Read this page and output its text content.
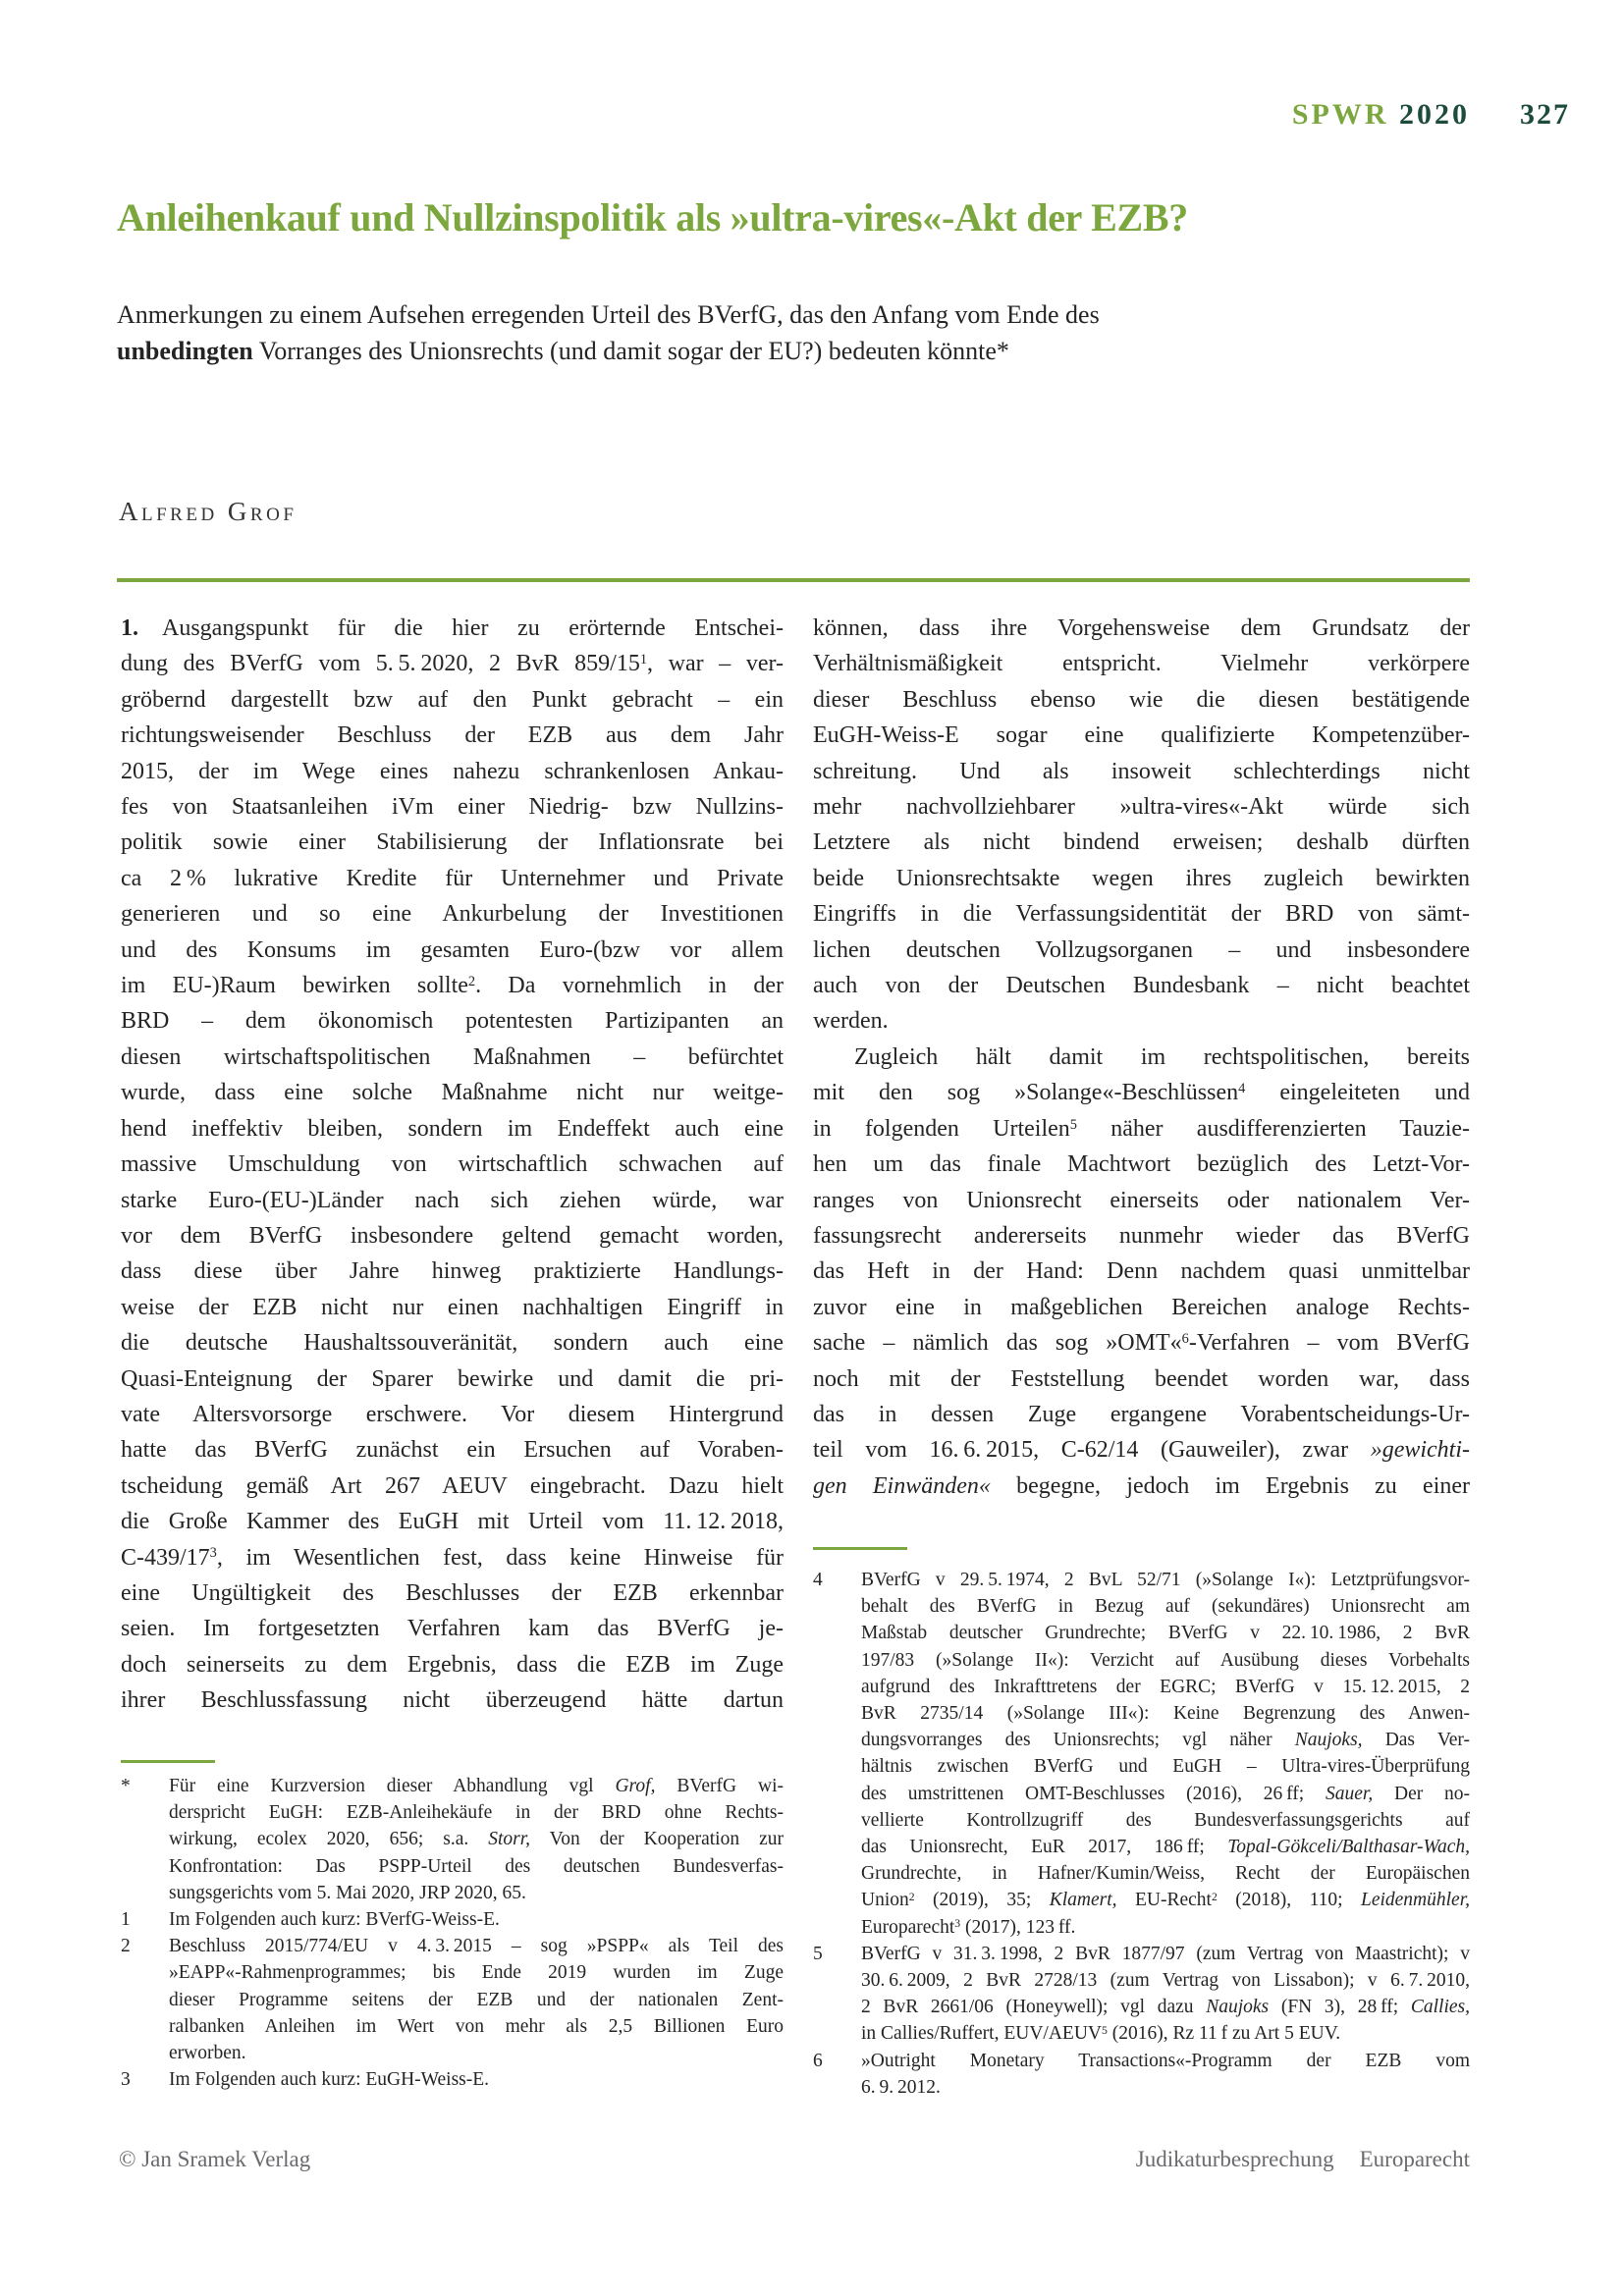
SPWR 2020 327
Anleihenkauf und Nullzinspolitik als »ultra-vires«-Akt der EZB?
Anmerkungen zu einem Aufsehen erregenden Urteil des BVerfG, das den Anfang vom Ende des
unbedingten Vorranges des Unionsrechts (und damit sogar der EU?) bedeuten könnte*
Alfred Grof
1.  Ausgangspunkt für die hier zu erörternde Entschei-
dung des BVerfG vom 5. 5. 2020, 2 BvR $859/15^1$, war – ver-
gröbernd dargestellt bzw auf den Punkt gebracht – ein
richtungsweisender Beschluss der EZB aus dem Jahr
2015, der im Wege eines nahezu schrankenlosen Ankau-
fes von Staatsanleihen iVm einer Niedrig- bzw Nullzins-
politik sowie einer Stabilisierung der Inflationsrate bei
ca 2 % lukrative Kredite für Unternehmer und Private
generieren und so eine Ankurbelung der Investitionen
und des Konsums im gesamten Euro-(bzw vor allem
im EU-)Raum bewirken sollte$^2$. Da vornehmlich in der
BRD – dem ökonomisch potentesten Partizipanten an
diesen wirtschaftspolitischen Maßnahmen – befürchtet
wurde, dass eine solche Maßnahme nicht nur weitge-
hend ineffektiv bleiben, sondern im Endeffekt auch eine
massive Umschuldung von wirtschaftlich schwachen auf
starke Euro-(EU-)Länder nach sich ziehen würde, war
vor dem BVerfG insbesondere geltend gemacht worden,
dass diese über Jahre hinweg praktizierte Handlungs-
weise der EZB nicht nur einen nachhaltigen Eingriff in
die deutsche Haushaltssouveränität, sondern auch eine
Quasi-Enteignung der Sparer bewirke und damit die pri-
vate Altersvorsorge erschwere. Vor diesem Hintergrund
hatte das BVerfG zunächst ein Ersuchen auf Voraben-
tscheidung gemäß Art 267 AEUV eingebracht. Dazu hielt
die Große Kammer des EuGH mit Urteil vom 11. 12. 2018,
$C-439/17^3$, im Wesentlichen fest, dass keine Hinweise für
eine Ungültigkeit des Beschlusses der EZB erkennbar
seien. Im fortgesetzten Verfahren kam das BVerfG je-
doch seinerseits zu dem Ergebnis, dass die EZB im Zuge
ihrer Beschlussfassung nicht überzeugend hätte dartun
können, dass ihre Vorgehensweise dem Grundsatz der
Verhältnismäßigkeit entspricht. Vielmehr verkörpere
dieser Beschluss ebenso wie die diesen bestätigende
EuGH-Weiss-E sogar eine qualifizierte Kompetenzüber-
schreitung. Und als insoweit schlechterdings nicht
mehr nachvollziehbarer »ultra-vires«-Akt würde sich
Letztere als nicht bindend erweisen; deshalb dürften
beide Unionsrechtsakte wegen ihres zugleich bewirkten
Eingriffs in die Verfassungsidentität der BRD von sämt-
lichen deutschen Vollzugsorganen – und insbesondere
auch von der Deutschen Bundesbank – nicht beachtet
werden.
Zugleich hält damit im rechtspolitischen, bereits
mit den sog »Solange«-Beschlüssen$^4$ eingeleiteten und
in folgenden Urteilen$^5$ näher ausdifferenzierten Tauzie-
hen um das finale Machtwort bezüglich des Letzt-Vor-
ranges von Unionsrecht einerseits oder nationalem Ver-
fassungsrecht andererseits nunmehr wieder das BVerfG
das Heft in der Hand: Denn nachdem quasi unmittelbar
zuvor eine in maßgeblichen Bereichen analoge Rechts-
sache – nämlich das sog »OMT«$^6$-Verfahren – vom BVerfG
noch mit der Feststellung beendet worden war, dass
das in dessen Zuge ergangene Vorabentscheidungs-Ur-
teil vom 16. 6. 2015, C-62/14 (Gauweiler), zwar »gewichti-
gen Einwänden« begegne, jedoch im Ergebnis zu einer
* Für eine Kurzversion dieser Abhandlung vgl Grof, BVerfG wi-
derspricht EuGH: EZB-Anleihekäufe in der BRD ohne Rechts-
wirkung, ecolex 2020, 656; s.a. Storr, Von der Kooperation zur
Konfrontation: Das PSPP-Urteil des deutschen Bundesverfas-
sungsgerichts vom 5. Mai 2020, JRP 2020, 65.
1 Im Folgenden auch kurz: BVerfG-Weiss-E.
2 Beschluss 2015/774/EU v 4. 3. 2015 – sog »PSPP« als Teil des
»EAPP«-Rahmenprogrammes; bis Ende 2019 wurden im Zuge
dieser Programme seitens der EZB und der nationalen Zent-
ralbanken Anleihen im Wert von mehr als 2,5 Billionen Euro
erworben.
3 Im Folgenden auch kurz: EuGH-Weiss-E.
4 BVerfG v 29. 5. 1974, 2 BvL 52/71 (»Solange I«): Letztprüfungsvor-
behalt des BVerfG in Bezug auf (sekundäres) Unionsrecht am
Maßstab deutscher Grundrechte; BVerfG v 22. 10. 1986, 2 BvR
197/83 (»Solange II«): Verzicht auf Ausübung dieses Vorbehalts
aufgrund des Inkrafttretens der EGRC; BVerfG v 15. 12. 2015, 2
BvR 2735/14 (»Solange III«): Keine Begrenzung des Anwen-
dungsvorranges des Unionsrechts; vgl näher Naujoks, Das Ver-
hältnis zwischen BVerfG und EuGH – Ultra-vires-Überprüfung
des umstrittenen OMT-Beschlusses (2016), 26 ff; Sauer, Der no-
vellierte Kontrollzugriff des Bundesverfassungsgerichts auf
das Unionsrecht, EuR 2017, 186 ff; Topal-Gökceli/Balthasar-Wach,
Grundrechte, in Hafner/Kumin/Weiss, Recht der Europäischen
Union$^2$ (2019), 35; Klamert, EU-Recht$^2$ (2018), 110; Leidenmühler,
Europarecht$^3$ (2017), 123 ff.
5 BVerfG v 31. 3. 1998, 2 BvR 1877/97 (zum Vertrag von Maastricht); v
30. 6. 2009, 2 BvR 2728/13 (zum Vertrag von Lissabon); v 6. 7. 2010,
2 BvR 2661/06 (Honeywell); vgl dazu Naujoks (FN 3), 28 ff; Callies,
in Callies/Ruffert, EUV/AEUV$^5$ (2016), Rz 11 f zu Art 5 EUV.
6 »Outright Monetary Transactions«-Programm der EZB vom
6. 9. 2012.
© Jan Sramek Verlag	Judikaturbesprechung Europarecht
